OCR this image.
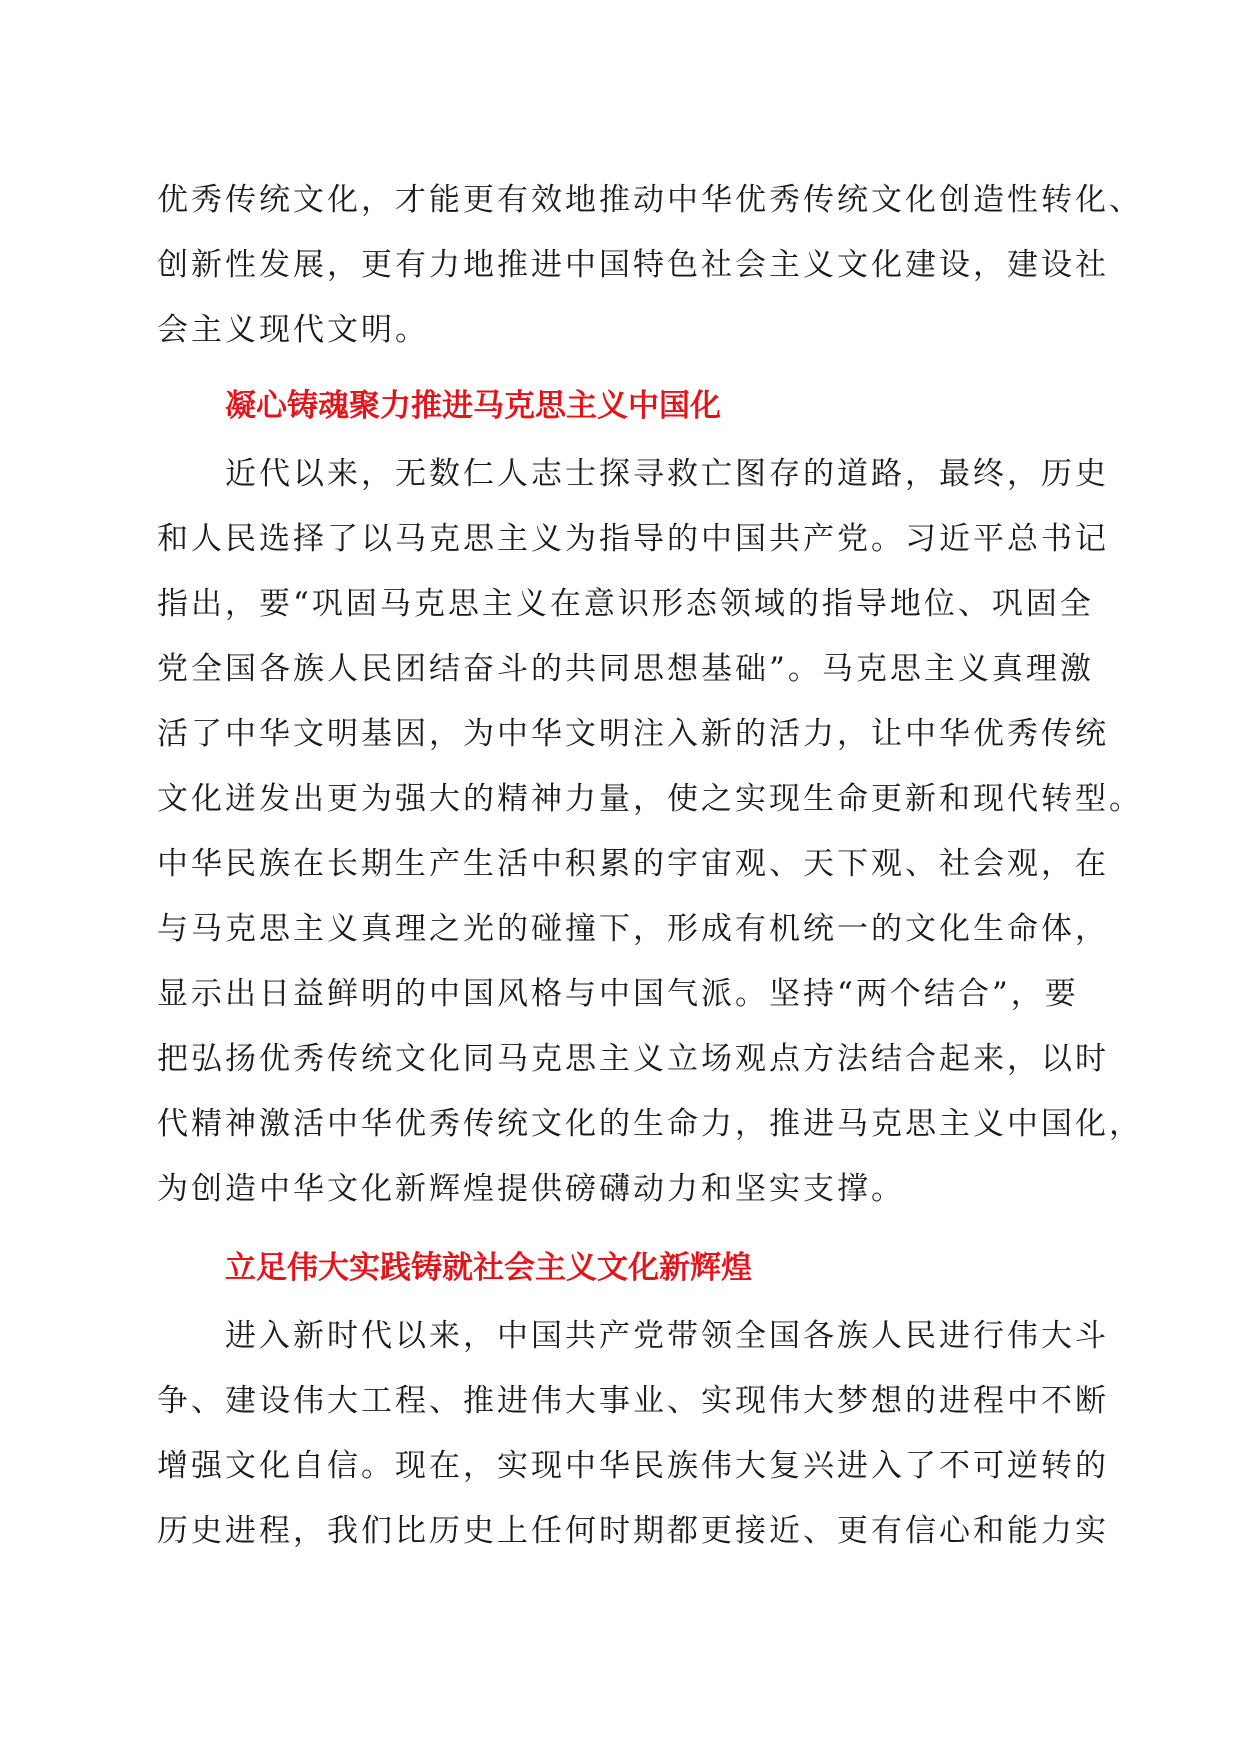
优秀传统文化，才能更有效地推动中华优秀传统文化创造性转化、
创新性发展，更有力地推进中国特色社会主义文化建设，建设社
会主义现代文明。
凝心铸魂聚力推进马克思主义中国化
近代以来，无数仁人志士探寻救亡图存的道路，最终，历史
和人民选择了以马克思主义为指导的中国共产党。习近平总书记
指出，要“巩固马克思主义在意识形态领域的指导地位、巩固全
党全国各族人民团结奋斗的共同思想基础”。马克思主义真理激
活了中华文明基因，为中华文明注入新的活力，让中华优秀传统
文化迸发出更为强大的精神力量，使之实现生命更新和现代转型。
中华民族在长期生产生活中积累的宇宙观、天下观、社会观，在
与马克思主义真理之光的碰撞下，形成有机统一的文化生命体，
显示出日益鲜明的中国风格与中国气派。坚持“两个结合”，要
把弘扬优秀传统文化同马克思主义立场观点方法结合起来，以时
代精神激活中华优秀传统文化的生命力，推进马克思主义中国化，
为创造中华文化新辉煌提供磅礴动力和坚实支撑。
立足伟大实践铸就社会主义文化新辉煌
进入新时代以来，中国共产党带领全国各族人民进行伟大斗
争、建设伟大工程、推进伟大事业、实现伟大梦想的进程中不断
增强文化自信。现在，实现中华民族伟大复兴进入了不可逆转的
历史进程，我们比历史上任何时期都更接近、更有信心和能力实
